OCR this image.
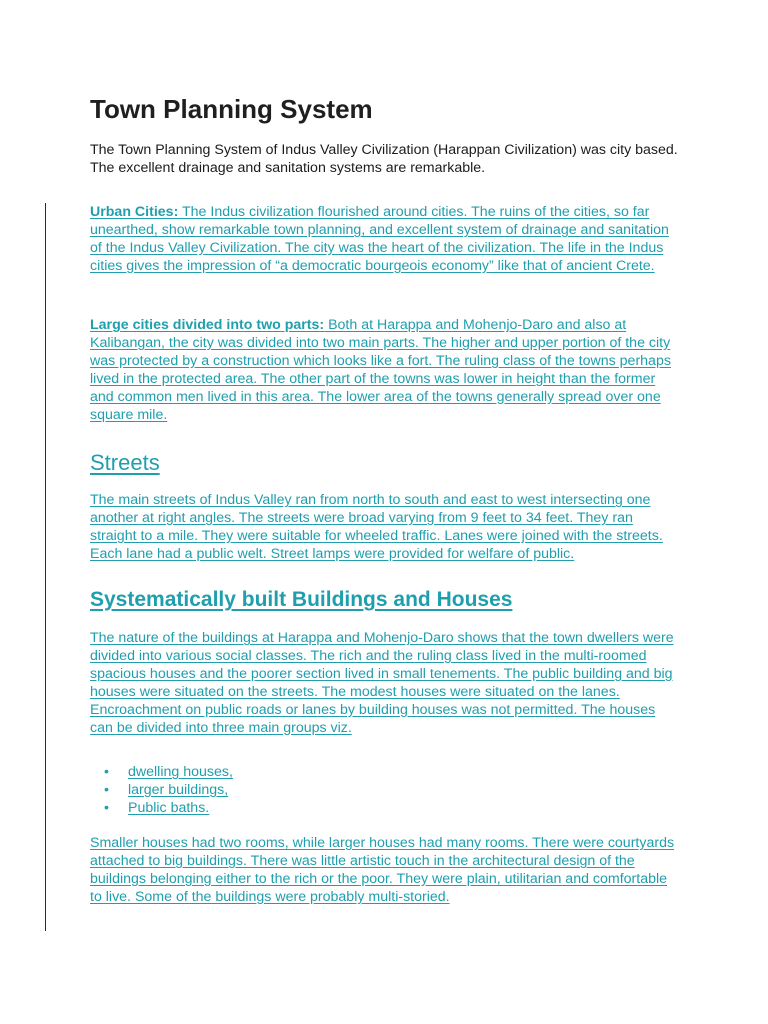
Town Planning System

The Town Planning System of Indus Valley Civilization (Harappan Civilization) was city based. The excellent drainage and sanitation systems are remarkable.

Urban Cities: The Indus civilization flourished around cities. The ruins of the cities, so far unearthed, show remarkable town planning, and excellent system of drainage and sanitation of the Indus Valley Civilization. The city was the heart of the civilization. The life in the Indus cities gives the impression of “a democratic bourgeois economy” like that of ancient Crete.

Large cities divided into two parts: Both at Harappa and Mohenjo-Daro and also at Kalibangan, the city was divided into two main parts. The higher and upper portion of the city was protected by a construction which looks like a fort. The ruling class of the towns perhaps lived in the protected area. The other part of the towns was lower in height than the former and common men lived in this area. The lower area of the towns generally spread over one square mile.

Streets

The main streets of Indus Valley ran from north to south and east to west intersecting one another at right angles. The streets were broad varying from 9 feet to 34 feet. They ran straight to a mile. They were suitable for wheeled traffic. Lanes were joined with the streets. Each lane had a public welt. Street lamps were provided for welfare of public.

Systematically built Buildings and Houses

The nature of the buildings at Harappa and Mohenjo-Daro shows that the town dwellers were divided into various social classes. The rich and the ruling class lived in the multi-roomed spacious houses and the poorer section lived in small tenements. The public building and big houses were situated on the streets. The modest houses were situated on the lanes. Encroachment on public roads or lanes by building houses was not permitted. The houses can be divided into three main groups viz.

•	dwelling houses,
•	larger buildings,
•	Public baths.

Smaller houses had two rooms, while larger houses had many rooms. There were courtyards attached to big buildings. There was little artistic touch in the architectural design of the buildings belonging either to the rich or the poor. They were plain, utilitarian and comfortable to live. Some of the buildings were probably multi-storied.
